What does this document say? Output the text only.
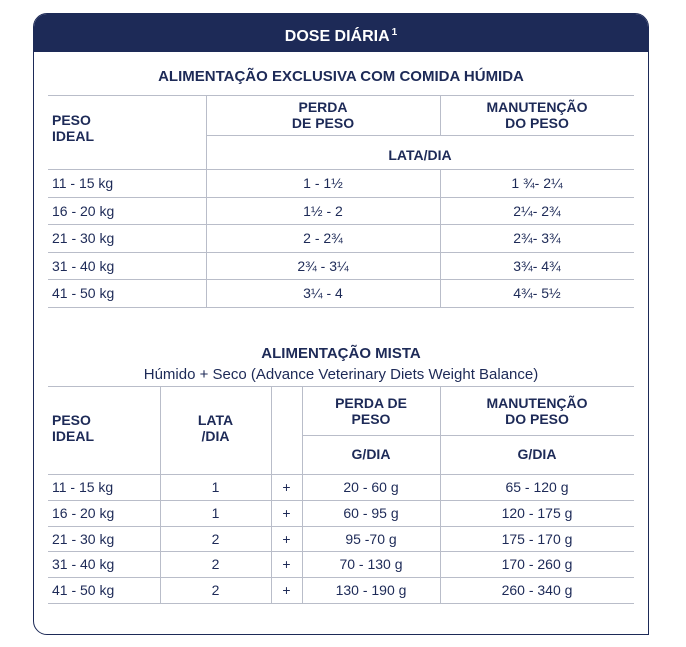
DOSE DIÁRIA $^1$
ALIMENTAÇÃO EXCLUSIVA COM COMIDA HÚMIDA
PESO
IDEAL
PERDA
DE PESO
MANUTENÇÃO
DO PESO
LATA/DIA
11 - 15 kg	1 - 1½	1 ¾- 2¼
16 - 20 kg	1½ - 2	2¼- 2¾
21 - 30 kg	2 - 2¾	2¾- 3¾
31 - 40 kg	2¾ - 3¼	3¾- 4¾
41 - 50 kg	3¼ - 4	4¾- 5½
ALIMENTAÇÃO MISTA
Húmido + Seco (Advance Veterinary Diets Weight Balance)
PESO
IDEAL
LATA
/DIA
PERDA DE
PESO
MANUTENÇÃO
DO PESO
G/DIA	G/DIA
11 - 15 kg	1	+	20 - 60 g	65 - 120 g
16 - 20 kg	1	+	60 - 95 g	120 - 175 g
21 - 30 kg	2	+	95 -70 g	175 - 170 g
31 - 40 kg	2	+	70 - 130 g	170 - 260 g
41 - 50 kg	2	+	130 - 190 g	260 - 340 g
